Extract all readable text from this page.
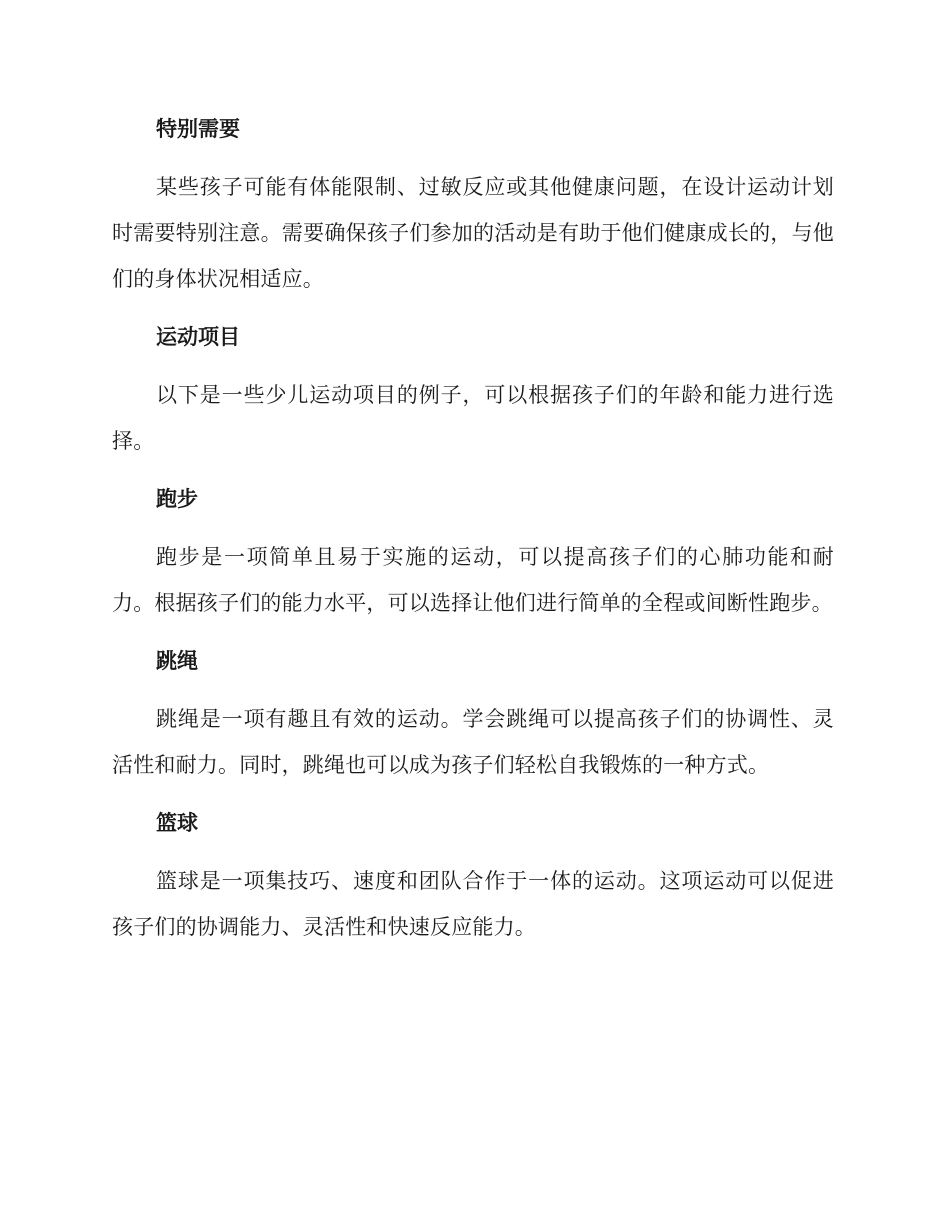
特别需要

某些孩子可能有体能限制、过敏反应或其他健康问题，在设计运动计划时需要特别注意。需要确保孩子们参加的活动是有助于他们健康成长的，与他们的身体状况相适应。

运动项目

以下是一些少儿运动项目的例子，可以根据孩子们的年龄和能力进行选择。

跑步

跑步是一项简单且易于实施的运动，可以提高孩子们的心肺功能和耐力。根据孩子们的能力水平，可以选择让他们进行简单的全程或间断性跑步。

跳绳

跳绳是一项有趣且有效的运动。学会跳绳可以提高孩子们的协调性、灵活性和耐力。同时，跳绳也可以成为孩子们轻松自我锻炼的一种方式。

篮球

篮球是一项集技巧、速度和团队合作于一体的运动。这项运动可以促进孩子们的协调能力、灵活性和快速反应能力。
